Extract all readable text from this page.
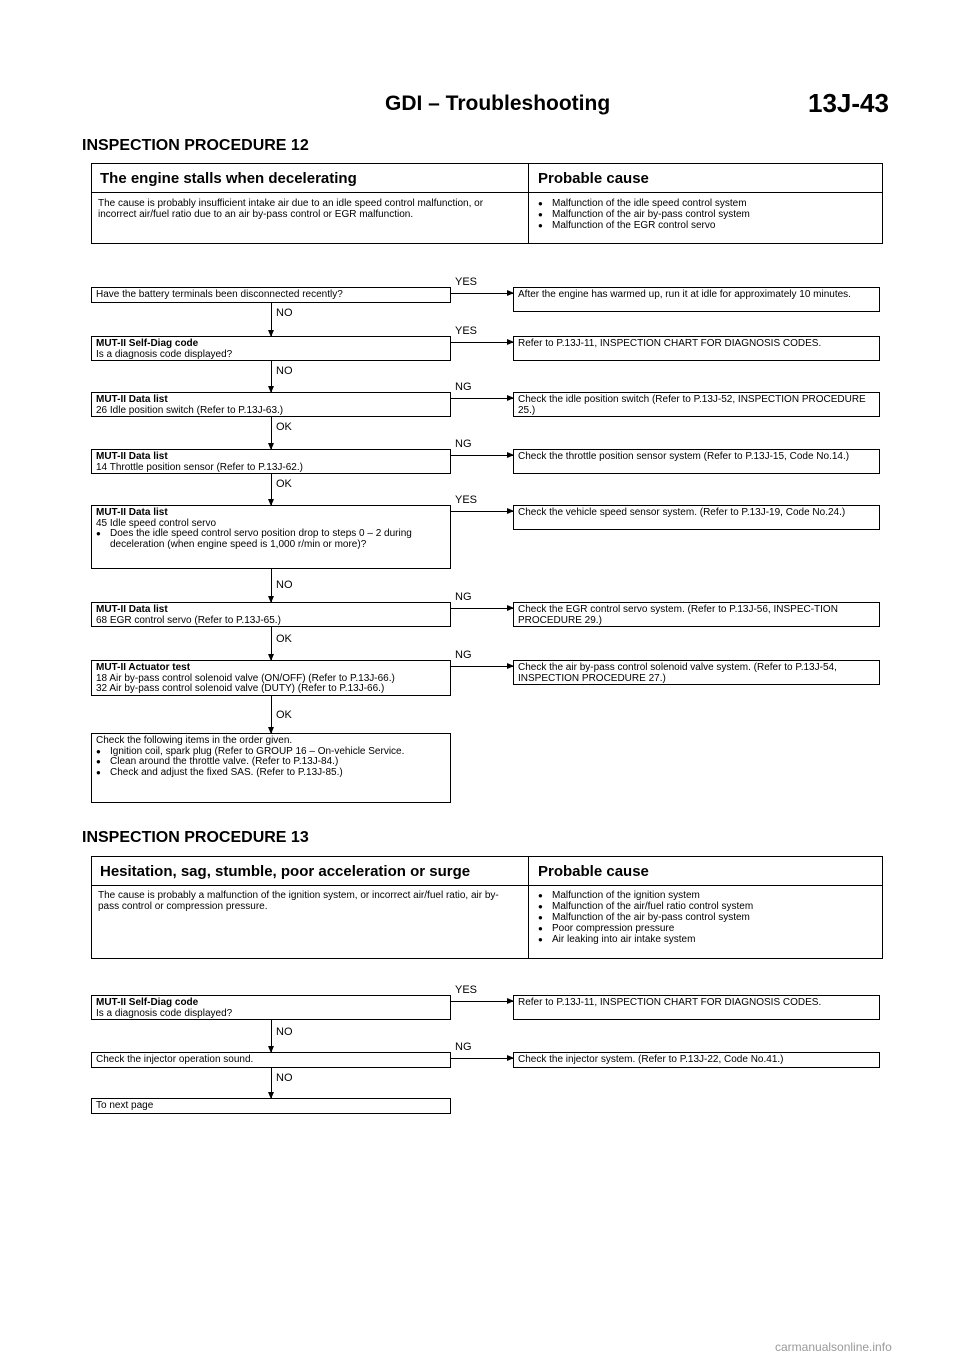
GDI – Troubleshooting	13J-43
INSPECTION PROCEDURE 12
The engine stalls when decelerating	Probable cause
The cause is probably insufficient intake air due to an idle speed control malfunction, or incorrect air/fuel ratio due to an air by-pass control or EGR malfunction.
● Malfunction of the idle speed control system
● Malfunction of the air by-pass control system
● Malfunction of the EGR control servo
Have the battery terminals been disconnected recently?
MUT-II Self-Diag code
Is a diagnosis code displayed?
MUT-II Data list
26 Idle position switch (Refer to P.13J-63.)
MUT-II Data list
14 Throttle position sensor (Refer to P.13J-62.)
MUT-II Data list
45 Idle speed control servo
● Does the idle speed control servo position drop to steps 0 – 2 during deceleration (when engine speed is 1,000 r/min or more)?
MUT-II Data list
68 EGR control servo (Refer to P.13J-65.)
MUT-II Actuator test
18 Air by-pass control solenoid valve (ON/OFF) (Refer to P.13J-66.)
32 Air by-pass control solenoid valve (DUTY) (Refer to P.13J-66.)
Check the following items in the order given.
● Ignition coil, spark plug (Refer to GROUP 16 – On-vehicle Service.
● Clean around the throttle valve. (Refer to P.13J-84.)
● Check and adjust the fixed SAS. (Refer to P.13J-85.)
After the engine has warmed up, run it at idle for approximately 10 minutes.
Refer to P.13J-11, INSPECTION CHART FOR DIAGNOSIS CODES.
Check the idle position switch (Refer to P.13J-52, INSPECTION PROCEDURE 25.)
Check the throttle position sensor system (Refer to P.13J-15, Code No.14.)
Check the vehicle speed sensor system. (Refer to P.13J-19, Code No.24.)
Check the EGR control servo system. (Refer to P.13J-56, INSPEC-TION PROCEDURE 29.)
Check the air by-pass control solenoid valve system. (Refer to P.13J-54, INSPECTION PROCEDURE 27.)
YES
YES
NG
NG
YES
NG
NG
NO
NO
OK
OK
NO
OK
OK
INSPECTION PROCEDURE 13
Hesitation, sag, stumble, poor acceleration or surge	Probable cause
The cause is probably a malfunction of the ignition system, or incorrect air/fuel ratio, air by-pass control or compression pressure.
● Malfunction of the ignition system
● Malfunction of the air/fuel ratio control system
● Malfunction of the air by-pass control system
● Poor compression pressure
● Air leaking into air intake system
MUT-II Self-Diag code
Is a diagnosis code displayed?
Check the injector operation sound.
To next page
Refer to P.13J-11, INSPECTION CHART FOR DIAGNOSIS CODES.
Check the injector system. (Refer to P.13J-22, Code No.41.)
YES
NG
NO
NO
carmanualsonline.info
